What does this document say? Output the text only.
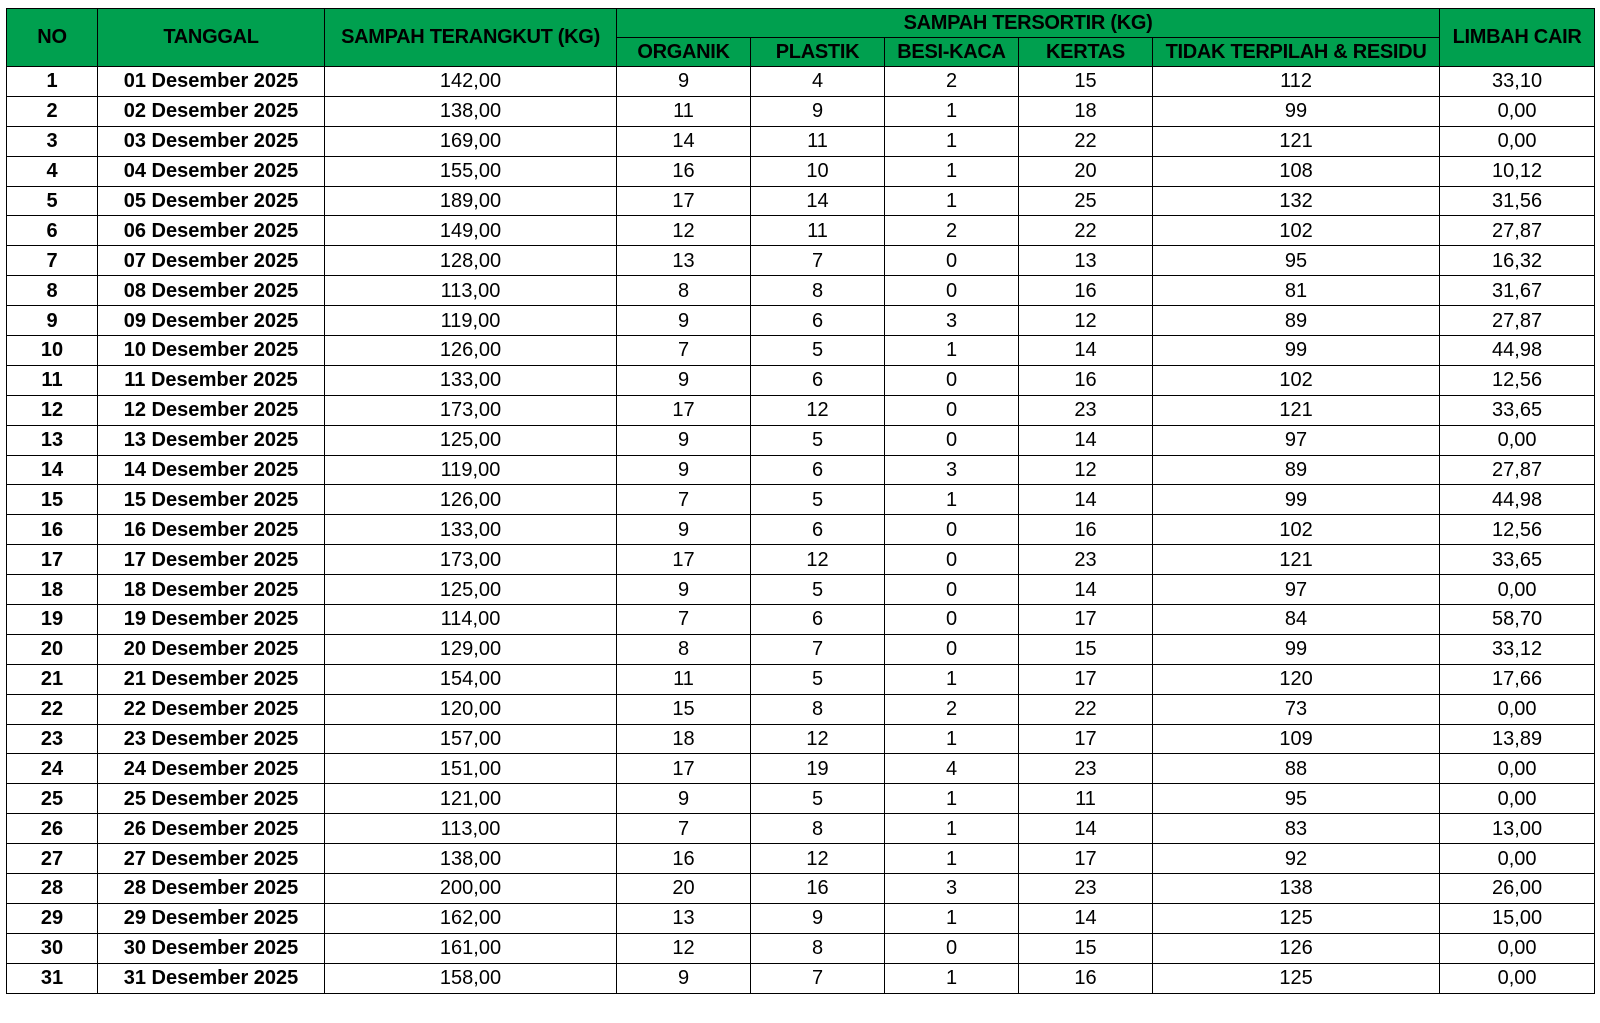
NO	TANGGAL	SAMPAH TERANGKUT (KG)	SAMPAH TERSORTIR (KG)					LIMBAH CAIR
			ORGANIK	PLASTIK	BESI-KACA	KERTAS	TIDAK TERPILAH & RESIDU	
1	01 Desember 2025	142,00	9	4	2	15	112	33,10
2	02 Desember 2025	138,00	11	9	1	18	99	0,00
3	03 Desember 2025	169,00	14	11	1	22	121	0,00
4	04 Desember 2025	155,00	16	10	1	20	108	10,12
5	05 Desember 2025	189,00	17	14	1	25	132	31,56
6	06 Desember 2025	149,00	12	11	2	22	102	27,87
7	07 Desember 2025	128,00	13	7	0	13	95	16,32
8	08 Desember 2025	113,00	8	8	0	16	81	31,67
9	09 Desember 2025	119,00	9	6	3	12	89	27,87
10	10 Desember 2025	126,00	7	5	1	14	99	44,98
11	11 Desember 2025	133,00	9	6	0	16	102	12,56
12	12 Desember 2025	173,00	17	12	0	23	121	33,65
13	13 Desember 2025	125,00	9	5	0	14	97	0,00
14	14 Desember 2025	119,00	9	6	3	12	89	27,87
15	15 Desember 2025	126,00	7	5	1	14	99	44,98
16	16 Desember 2025	133,00	9	6	0	16	102	12,56
17	17 Desember 2025	173,00	17	12	0	23	121	33,65
18	18 Desember 2025	125,00	9	5	0	14	97	0,00
19	19 Desember 2025	114,00	7	6	0	17	84	58,70
20	20 Desember 2025	129,00	8	7	0	15	99	33,12
21	21 Desember 2025	154,00	11	5	1	17	120	17,66
22	22 Desember 2025	120,00	15	8	2	22	73	0,00
23	23 Desember 2025	157,00	18	12	1	17	109	13,89
24	24 Desember 2025	151,00	17	19	4	23	88	0,00
25	25 Desember 2025	121,00	9	5	1	11	95	0,00
26	26 Desember 2025	113,00	7	8	1	14	83	13,00
27	27 Desember 2025	138,00	16	12	1	17	92	0,00
28	28 Desember 2025	200,00	20	16	3	23	138	26,00
29	29 Desember 2025	162,00	13	9	1	14	125	15,00
30	30 Desember 2025	161,00	12	8	0	15	126	0,00
31	31 Desember 2025	158,00	9	7	1	16	125	0,00
